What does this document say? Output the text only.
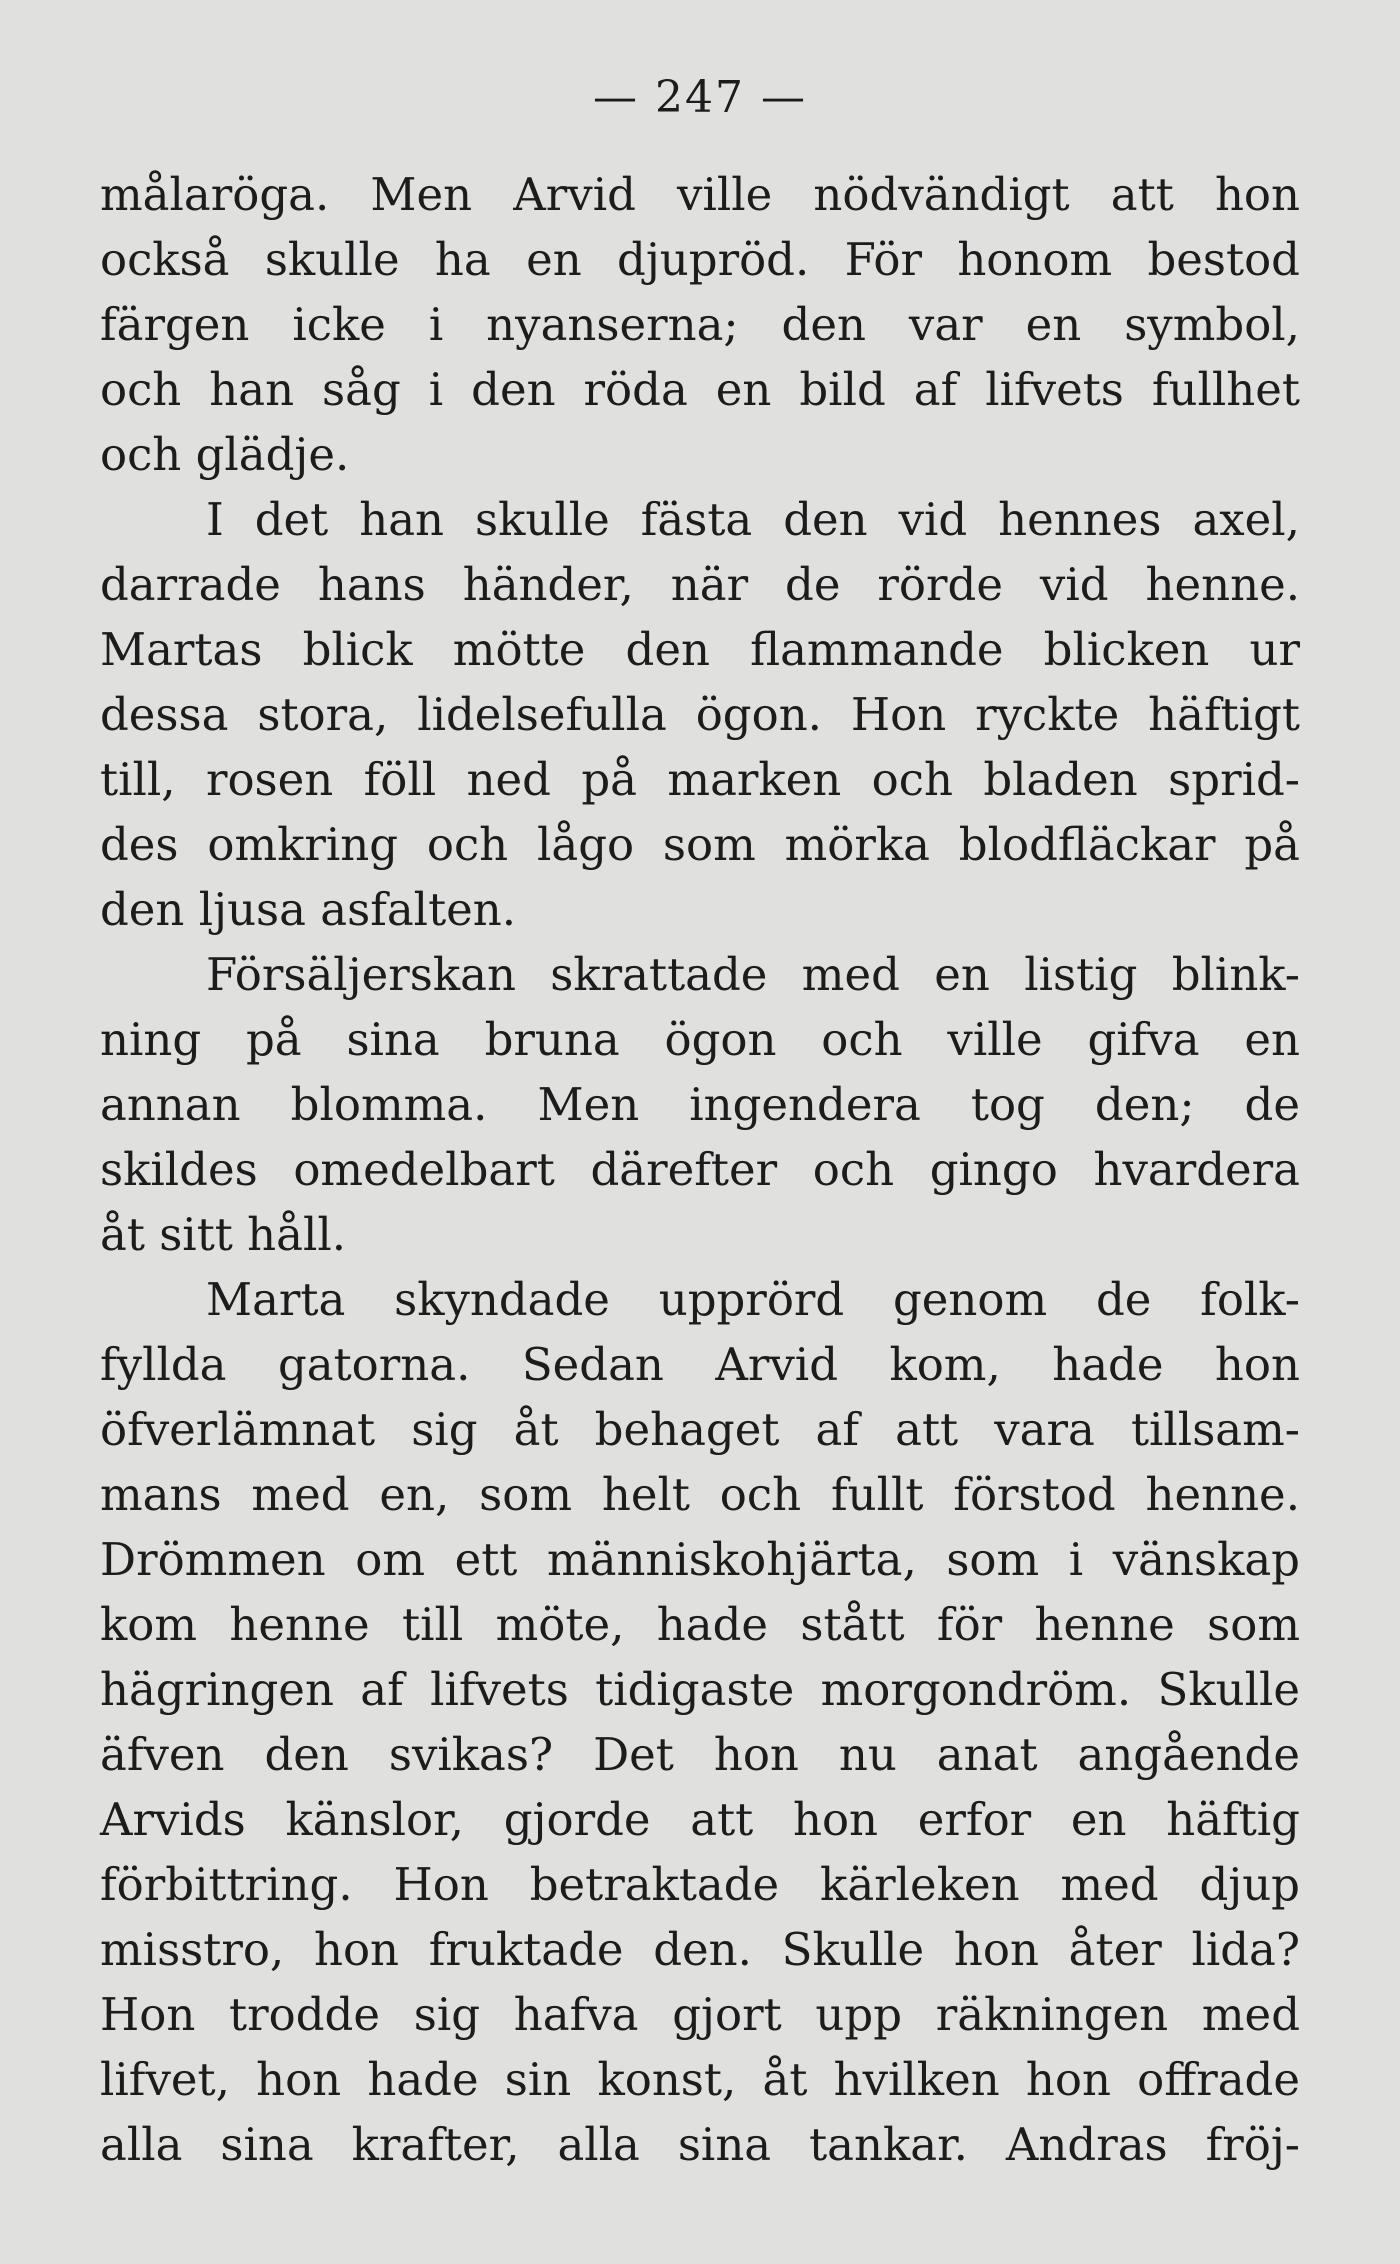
— 247 —
målaröga. Men Arvid ville nödvändigt att hon
också skulle ha en djupröd. För honom bestod
färgen icke i nyanserna; den var en symbol,
och han såg i den röda en bild af lifvets fullhet
och glädje.
I det han skulle fästa den vid hennes axel,
darrade hans händer, när de rörde vid henne.
Martas blick mötte den flammande blicken ur
dessa stora, lidelsefulla ögon. Hon ryckte häftigt
till, rosen föll ned på marken och bladen sprid-
des omkring och lågo som mörka blodfläckar på
den ljusa asfalten.
Försäljerskan skrattade med en listig blink-
ning på sina bruna ögon och ville gifva en
annan blomma. Men ingendera tog den; de
skildes omedelbart därefter och gingo hvardera
åt sitt håll.
Marta skyndade upprörd genom de folk-
fyllda gatorna. Sedan Arvid kom, hade hon
öfverlämnat sig åt behaget af att vara tillsam-
mans med en, som helt och fullt förstod henne.
Drömmen om ett människohjärta, som i vänskap
kom henne till möte, hade stått för henne som
hägringen af lifvets tidigaste morgondröm. Skulle
äfven den svikas? Det hon nu anat angående
Arvids känslor, gjorde att hon erfor en häftig
förbittring. Hon betraktade kärleken med djup
misstro, hon fruktade den. Skulle hon åter lida?
Hon trodde sig hafva gjort upp räkningen med
lifvet, hon hade sin konst, åt hvilken hon offrade
alla sina krafter, alla sina tankar. Andras fröj-
